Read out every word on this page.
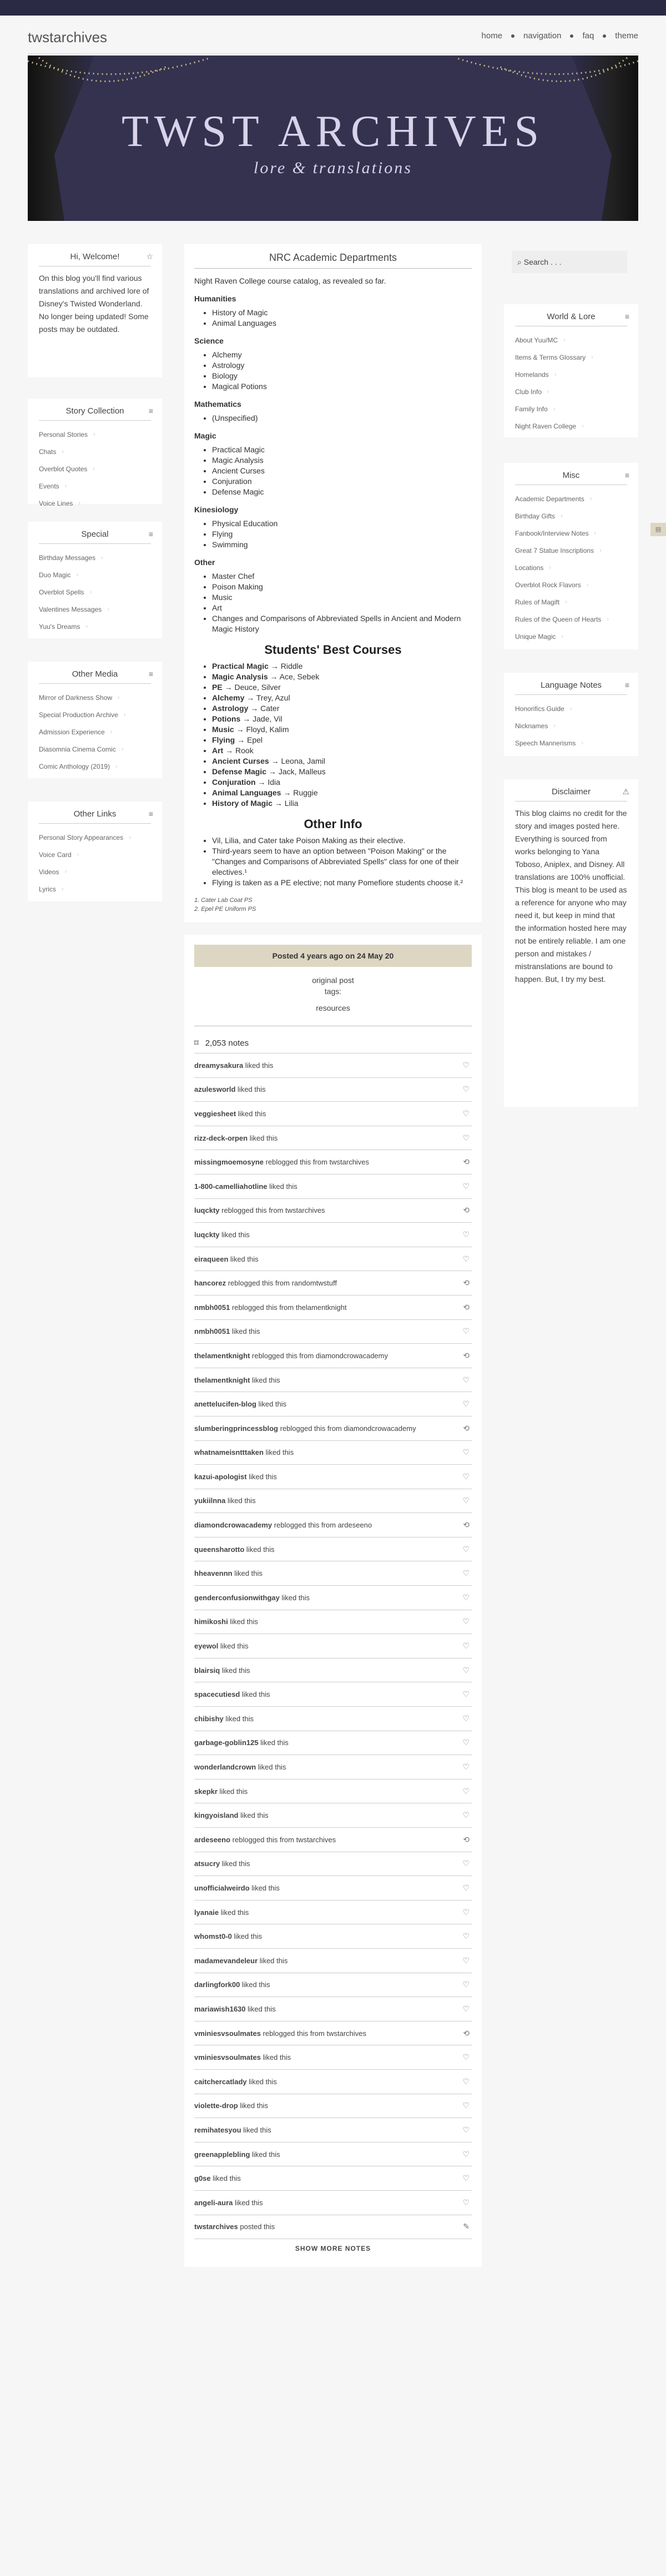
twstarchives	home	navigation	faq	theme
TWST ARCHIVES
lore & translations
Hi, Welcome!	☆
On this blog you'll find various translations and archived lore of Disney's Twisted Wonderland. No longer being updated! Some posts may be outdated.
Story Collection	≡
Personal Stories ›
Chats ›
Overblot Quotes ›
Events ›
Voice Lines ›
Special	≡
Birthday Messages ›
Duo Magic ›
Overblot Spells ›
Valentines Messages ›
Yuu's Dreams ›
Other Media	≡
Mirror of Darkness Show ›
Special Production Archive ›
Admission Experience ›
Diasomnia Cinema Comic ›
Comic Anthology (2019) ›
Other Links	≡
Personal Story Appearances ›
Voice Card ›
Videos ›
Lyrics ›
NRC Academic Departments

Night Raven College course catalog, as revealed so far.

Humanities
• History of Magic
• Animal Languages
Science
• Alchemy
• Astrology
• Biology
• Magical Potions
Mathematics
• (Unspecified)
Magic
• Practical Magic
• Magic Analysis
• Ancient Curses
• Conjuration
• Defense Magic
Kinesiology
• Physical Education
• Flying
• Swimming
Other
• Master Chef
• Poison Making
• Music
• Art
• Changes and Comparisons of Abbreviated Spells in Ancient and Modern Magic History
Students' Best Courses
• Practical Magic → Riddle
• Magic Analysis → Ace, Sebek
• PE → Deuce, Silver
• Alchemy → Trey, Azul
• Astrology → Cater
• Potions → Jade, Vil
• Music → Floyd, Kalim
• Flying → Epel
• Art → Rook
• Ancient Curses → Leona, Jamil
• Defense Magic → Jack, Malleus
• Conjuration → Idia
• Animal Languages → Ruggie
• History of Magic → Lilia
Other Info
• Vil, Lilia, and Cater take Poison Making as their elective.
• Third-years seem to have an option between "Poison Making" or the "Changes and Comparisons of Abbreviated Spells" class for one of their electives.¹
• Flying is taken as a PE elective; not many Pomefiore students choose it.²
1. Cater Lab Coat PS
2. Epel PE Uniform PS
Posted 4 years ago on 24 May 20
original post
tags:
resources
⌑ 2,053 notes
dreamysakura liked this	♡
azulesworld liked this	♡
veggiesheet liked this	♡
rizz-deck-orpen liked this	♡
missingmoemosyne reblogged this from twstarchives	⟲
1-800-camelliahotline liked this	♡
luqckty reblogged this from twstarchives	⟲
luqckty liked this	♡
eiraqueen liked this	♡
hancorez reblogged this from randomtwstuff	⟲
nmbh0051 reblogged this from thelamentknight	⟲
nmbh0051 liked this	♡
thelamentknight reblogged this from diamondcrowacademy	⟲
thelamentknight liked this	♡
anettelucifen-blog liked this	♡
slumberingprincessblog reblogged this from diamondcrowacademy	⟲
whatnameisntttaken liked this	♡
kazui-apologist liked this	♡
yukiilnna liked this	♡
diamondcrowacademy reblogged this from ardeseeno	⟲
queensharotto liked this	♡
hheavennn liked this	♡
genderconfusionwithgay liked this	♡
himikoshi liked this	♡
eyewol liked this	♡
blairsiq liked this	♡
spacecutiesd liked this	♡
chibishy liked this	♡
garbage-goblin125 liked this	♡
wonderlandcrown liked this	♡
skepkr liked this	♡
kingyoisland liked this	♡
ardeseeno reblogged this from twstarchives	⟲
atsucry liked this	♡
unofficialweirdo liked this	♡
lyanaie liked this	♡
whomst0-0 liked this	♡
madamevandeleur liked this	♡
darlingfork00 liked this	♡
mariawish1630 liked this	♡
vminiesvsoulmates reblogged this from twstarchives	⟲
vminiesvsoulmates liked this	♡
caitchercatlady liked this	♡
violette-drop liked this	♡
remihatesyou liked this	♡
greenapplebling liked this	♡
g0se liked this	♡
angeli-aura liked this	♡
twstarchives posted this	✎
SHOW MORE NOTES
⌕ Search . . .
World & Lore	≡
About Yuu/MC ›
Items & Terms Glossary ›
Homelands ›
Club Info ›
Family Info ›
Night Raven College ›
Misc	≡
Academic Departments ›
Birthday Gifts ›
Fanbook/Interview Notes ›
Great 7 Statue Inscriptions ›
Locations ›
Overblot Rock Flavors ›
Rules of Magift ›
Rules of the Queen of Hearts ›
Unique Magic ›
Language Notes	≡
Honorifics Guide ›
Nicknames ›
Speech Mannerisms ›
Disclaimer	⚠
This blog claims no credit for the story and images posted here. Everything is sourced from works belonging to Yana Toboso, Aniplex, and Disney. All translations are 100% unofficial. This blog is meant to be used as a reference for anyone who may need it, but keep in mind that the information hosted here may not be entirely reliable. I am one person and mistakes / mistranslations are bound to happen. But, I try my best.
▤
